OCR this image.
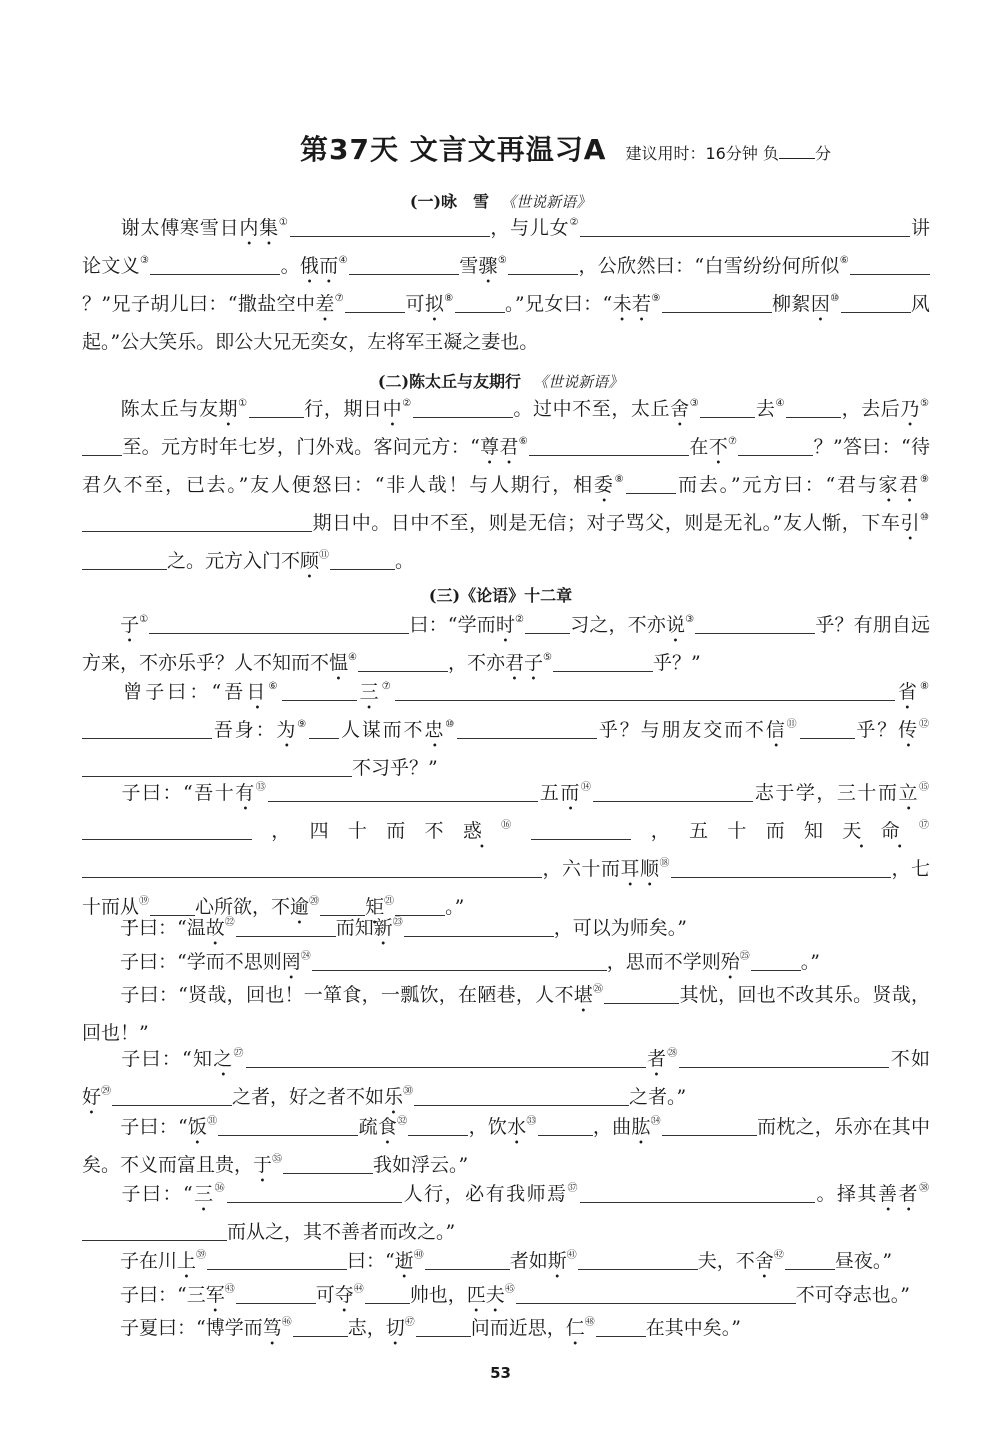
第37天 文言文再温习A 建议用时：16分钟 负 分
(一)咏　雪 《世说新语》
谢太傅寒雪日内集①	，与儿女②	讲论文义③	。俄而④	雪骤⑤	，公欣然曰：“白雪纷纷何所似⑥？”兄子胡儿曰：“撒盐空中差⑦	可拟⑧	。”兄女曰：“未若⑨	柳絮因⑩	风起。”公大笑乐。即公大兄无奕女，左将军王凝之妻也。
(二)陈太丘与友期行 《世说新语》
陈太丘与友期①	行，期日中②	。过中不至，太丘舍③	去④	，去后乃⑤至。元方时年七岁，门外戏。客问元方：“尊君⑥	在不⑦	？”答曰：“待君久不至，已去。”友人便怒曰：“非人哉！与人期行，相委⑧	而去。”元方曰：“君与家君⑨期日中。日中不至，则是无信；对子骂父，则是无礼。”友人惭，下车引⑩之。元方入门不顾⑪	。
(三)《论语》十二章
子①	曰：“学而时② 习之，不亦说③	乎？有朋自远方来，不亦乐乎？人不知而不愠④	，不亦君子⑤	乎？”
曾子曰：“吾日⑥	三⑦	省⑧吾身：为⑨ 人谋而不忠⑩	乎？与朋友交而不信⑪	乎？传⑫不习乎？”
子曰：“吾十有⑬	五而⑭	志于学，三十而立⑮，四十而不惑⑯	，五十而知天命⑰，六十而耳顺⑱	，七十而从⑲ 心所欲，不逾⑳ 矩$^㉑$	。”
子曰：“温故$^㉒$	而知新$^㉓$	，可以为师矣。”
子曰：“学而不思则罔$^㉔$	，思而不学则殆$^㉕$	。”
子曰：“贤哉，回也！一箪食，一瓢饮，在陋巷，人不堪$^㉖$	其忧，回也不改其乐。贤哉，回也！”
子曰：“知之$^㉗$	者$^㉘$	不如好$^㉙$	之者，好之者不如乐$^㉚$	之者。”
子曰：“饭$^㉛$	疏食$^㉜$	，饮水$^㉝$	，曲肱$^㉞$	而枕之，乐亦在其中矣。不义而富且贵，于$^㉟$	我如浮云。”
子曰：“三$^㊱$	人行，必有我师焉$^㊲$	。择其善者$^㊳$而从之，其不善者而改之。”
子在川上$^㊴$	曰：“逝$^㊵$	者如斯$^㊶$	夫，不舍$^㊷$	昼夜。”
子曰：“三军$^㊸$	可夺$^㊹$ 帅也，匹夫$^㊺$	不可夺志也。”
子夏曰：“博学而笃$^㊻$	志，切$^㊼$	问而近思，仁$^㊽$	在其中矣。”
53
